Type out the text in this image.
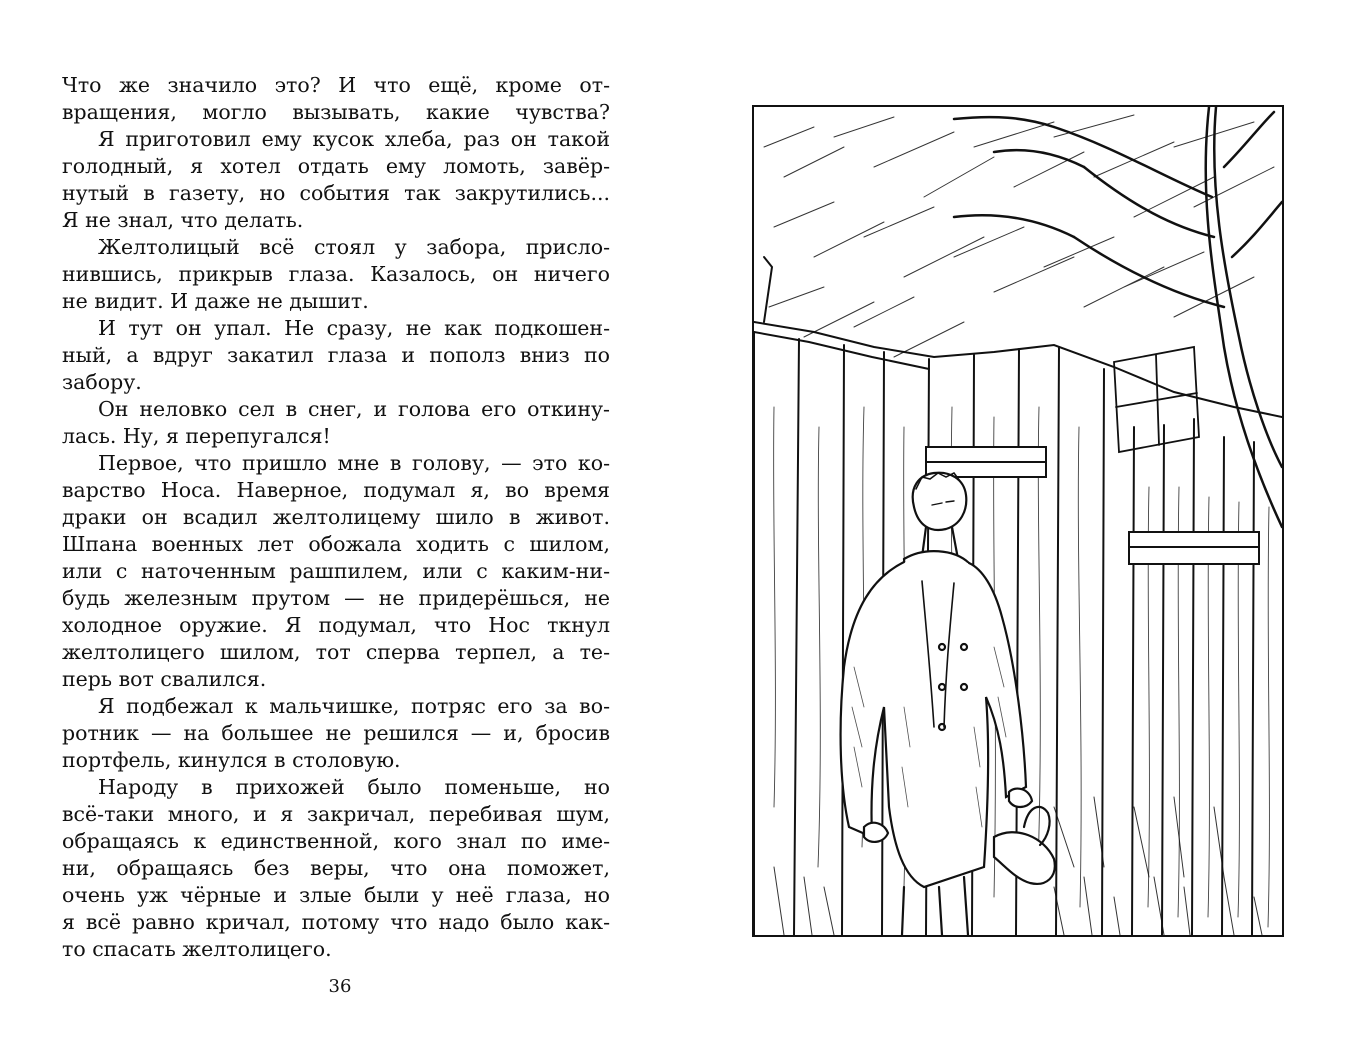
Что же значило это? И что ещё, кроме от-
вращения, могло вызывать, какие чувства?
Я приготовил ему кусок хлеба, раз он такой
голодный, я хотел отдать ему ломоть, завёр-
нутый в газету, но события так закрутились...
Я не знал, что делать.
Желтолицый всё стоял у забора, присло-
нившись, прикрыв глаза. Казалось, он ничего
не видит. И даже не дышит.
И тут он упал. Не сразу, не как подкошен-
ный, а вдруг закатил глаза и пополз вниз по
забору.
Он неловко сел в снег, и голова его откину-
лась. Ну, я перепугался!
Первое, что пришло мне в голову, — это ко-
варство Носа. Наверное, подумал я, во время
драки он всадил желтолицему шило в живот.
Шпана военных лет обожала ходить с шилом,
или с наточенным рашпилем, или с каким-ни-
будь железным прутом — не придерёшься, не
холодное оружие. Я подумал, что Нос ткнул
желтолицего шилом, тот сперва терпел, а те-
перь вот свалился.
Я подбежал к мальчишке, потряс его за во-
ротник — на большее не решился — и, бросив
портфель, кинулся в столовую.
Народу в прихожей было поменьше, но
всё-таки много, и я закричал, перебивая шум,
обращаясь к единственной, кого знал по име-
ни, обращаясь без веры, что она поможет,
очень уж чёрные и злые были у неё глаза, но
я всё равно кричал, потому что надо было как-
то спасать желтолицего.
36
